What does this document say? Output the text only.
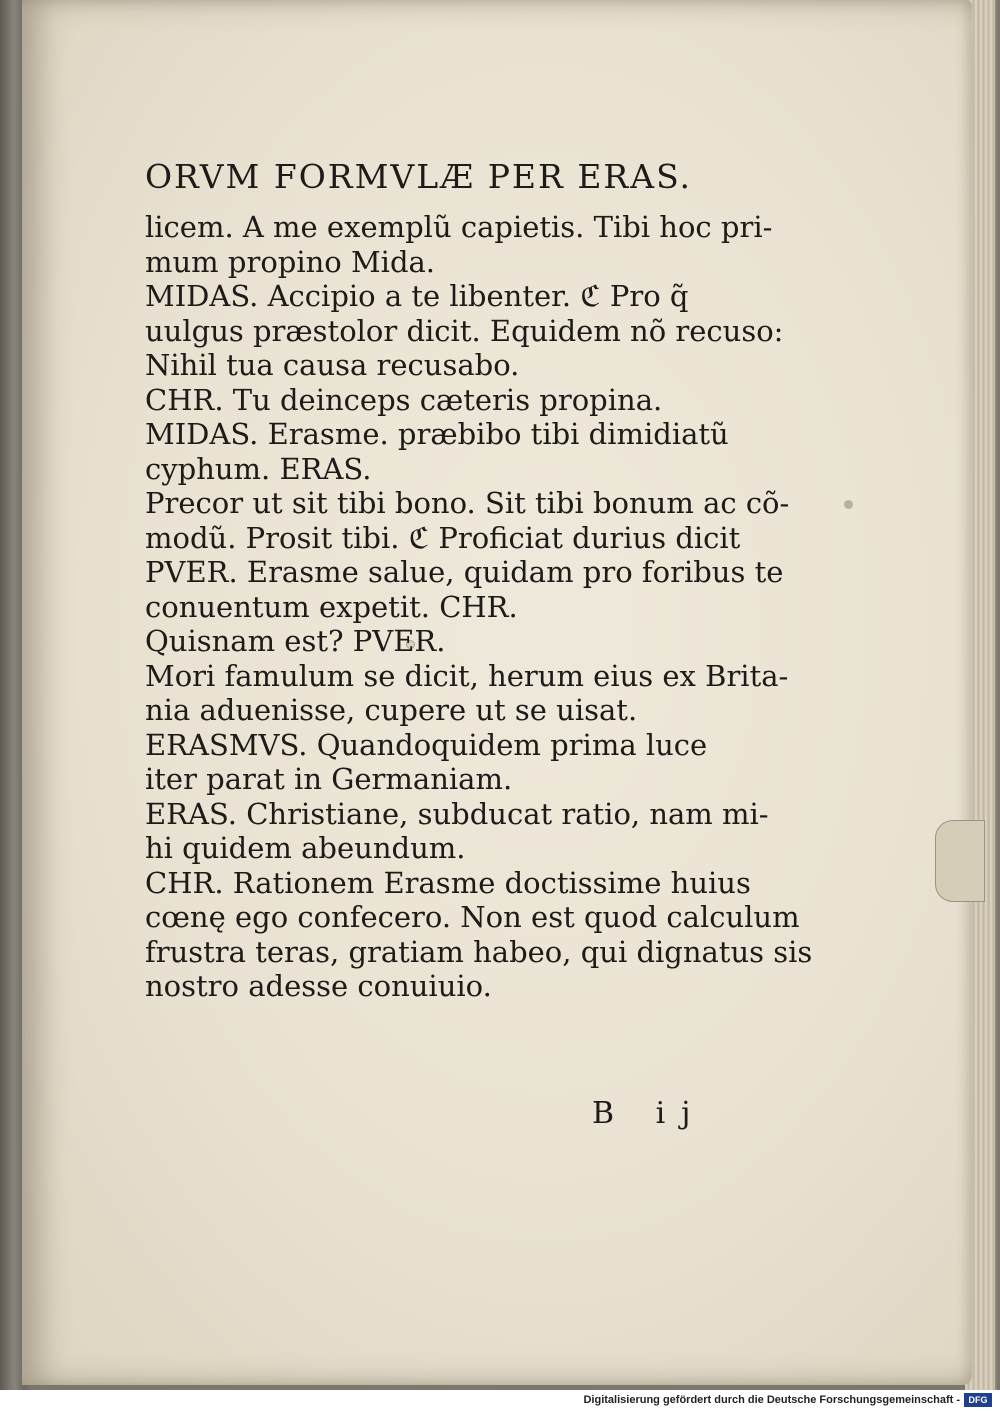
ORVM FORMVLÆ PER ERAS.
licem. A me exemplũ capietis. Tibi hoc pri-
mum propino Mida.
MIDAS. Accipio a te libenter. ℭ Pro q̃
uulgus præstolor dicit. Equidem nõ recuso:
Nihil tua causa recusabo.
CHR. Tu deinceps cæteris propina.
MIDAS. Erasme. præbibo tibi dimidiatũ
cyphum. ERAS.
Precor ut sit tibi bono. Sit tibi bonum ac cõ-
modũ. Prosit tibi. ℭ Proficiat durius dicit
PVER. Erasme salue, quidam pro foribus te
conuentum expetit. CHR.
Quisnam est? PVER.
Mori famulum se dicit, herum eius ex Brita-
nia aduenisse, cupere ut se uisat.
ERASMVS. Quandoquidem prima luce
iter parat in Germaniam.
ERAS. Christiane, subducat ratio, nam mi-
hi quidem abeundum.
CHR. Rationem Erasme doctissime huius
cœnę ego confecero. Non est quod calculum
frustra teras, gratiam habeo, qui dignatus sis
nostro adesse conuiuio.
B ij
Digitalisierung gefördert durch die Deutsche Forschungsgemeinschaft - DFG
